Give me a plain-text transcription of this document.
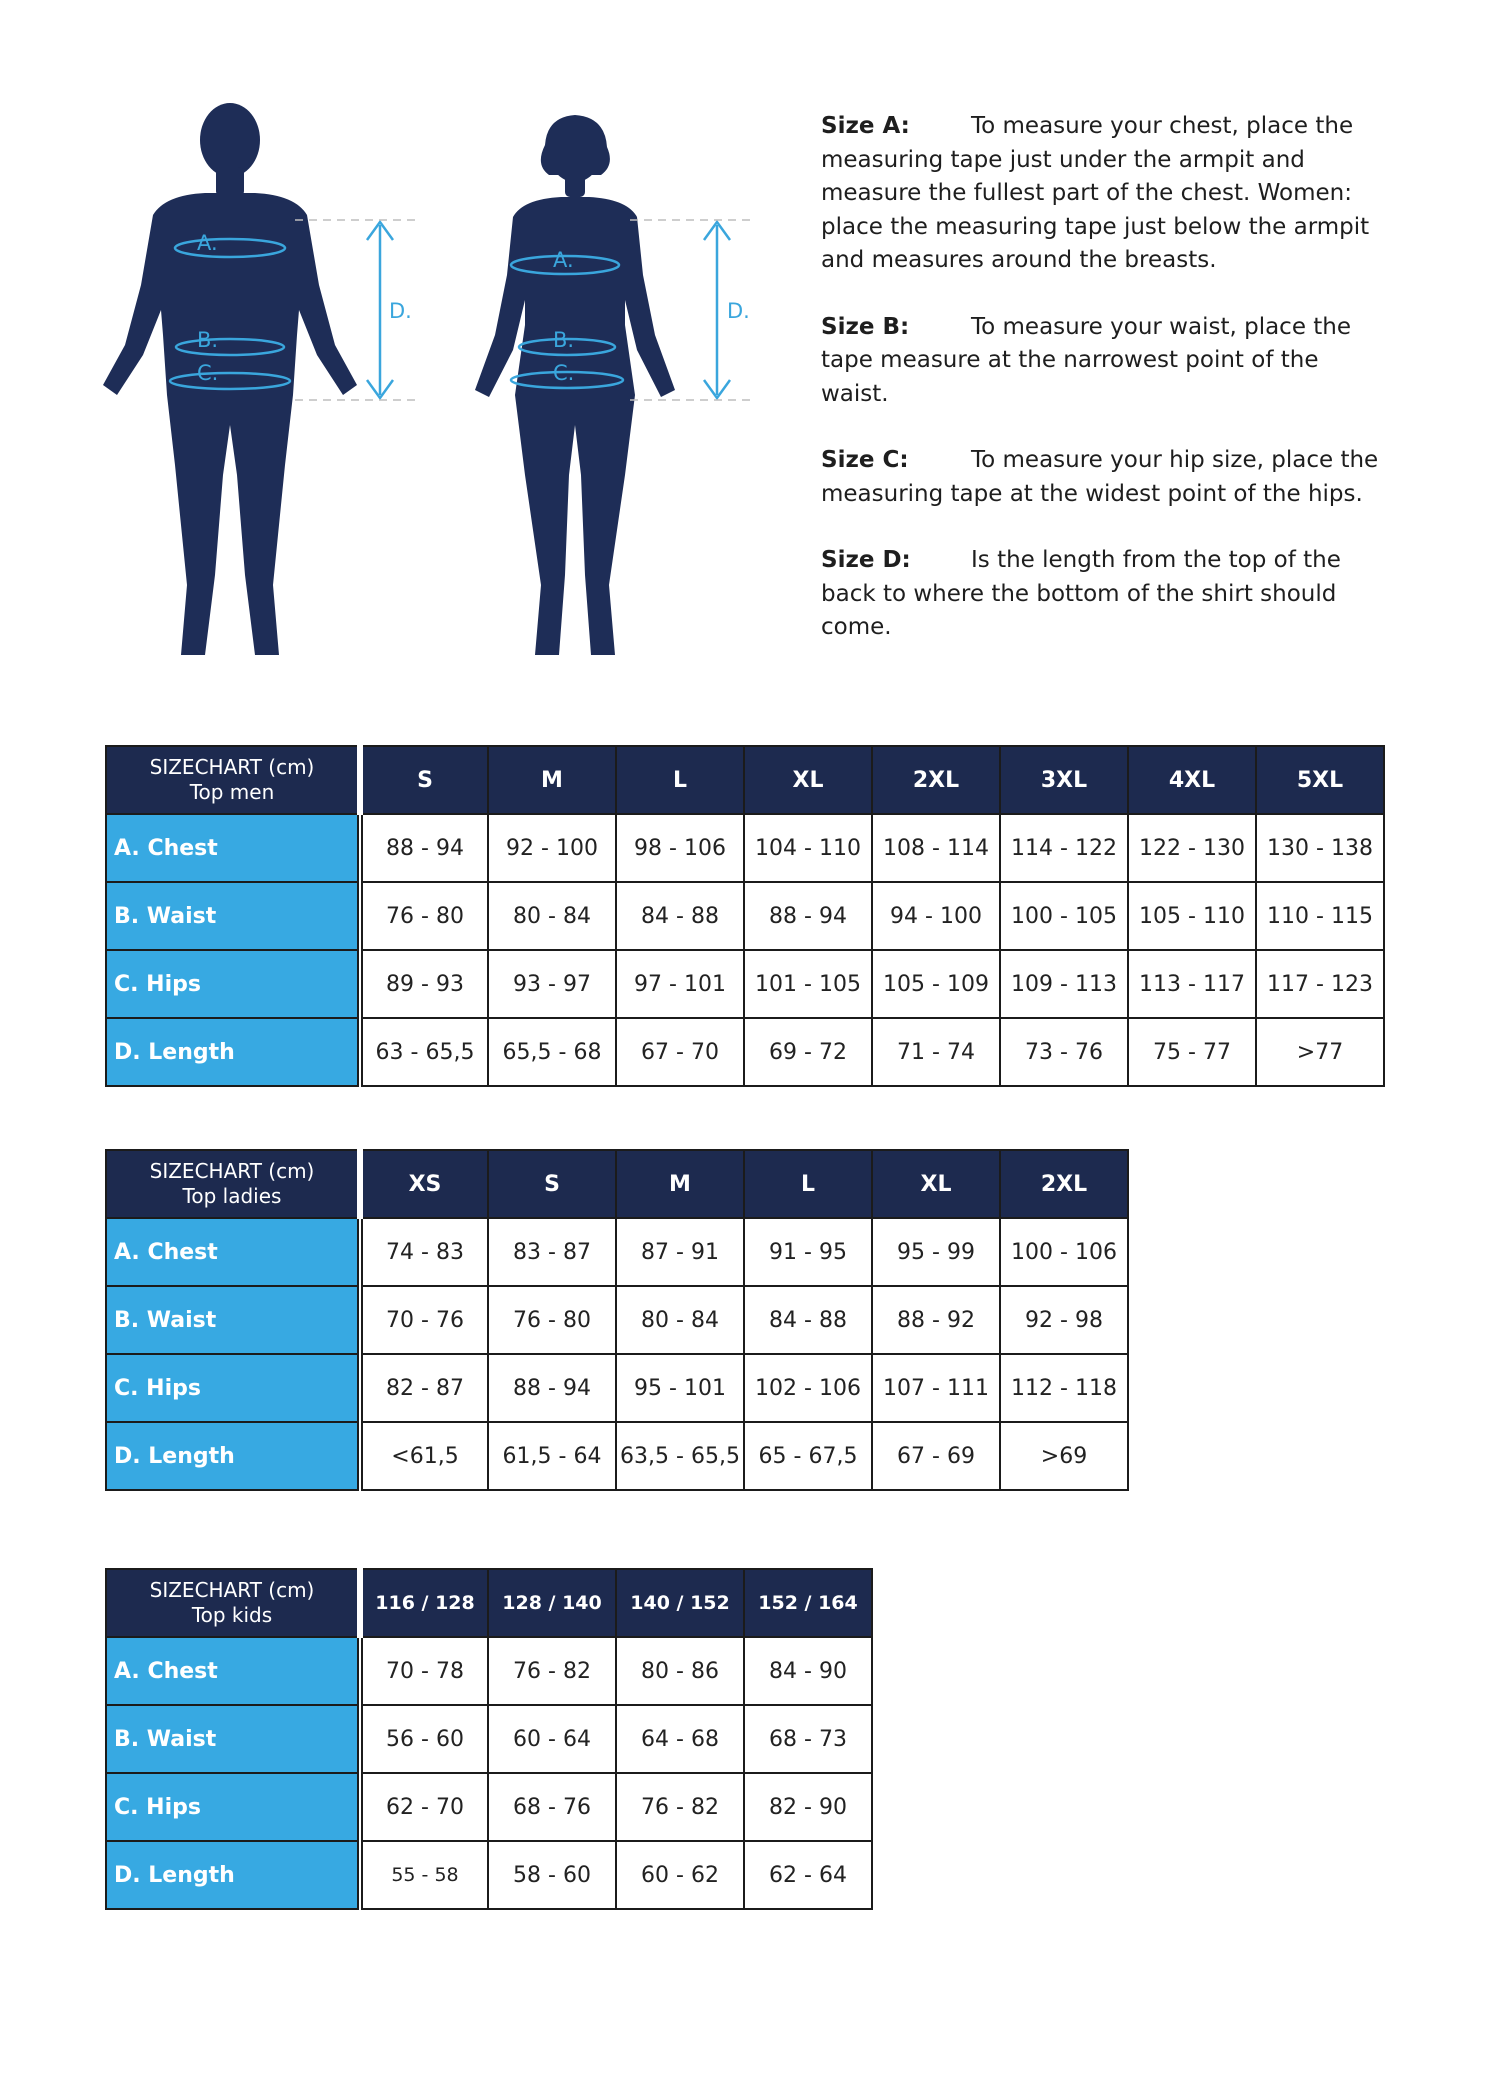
A.
B.
C.
D.
A.
B.
C.
D.

Size A:	To measure your chest, place the measuring tape just under the armpit and measure the fullest part of the chest. Women: place the measuring tape just below the armpit and measures around the breasts.

Size B:	To measure your waist, place the tape measure at the narrowest point of the waist.

Size C:	To measure your hip size, place the measuring tape at the widest point of the hips.

Size D:	Is the length from the top of the back to where the bottom of the shirt should come.

SIZECHART (cm)
Top men	S	M	L	XL	2XL	3XL	4XL	5XL
A. Chest	88 - 94	92 - 100	98 - 106	104 - 110	108 - 114	114 - 122	122 - 130	130 - 138
B. Waist	76 - 80	80 - 84	84 - 88	88 - 94	94 - 100	100 - 105	105 - 110	110 - 115
C. Hips	89 - 93	93 - 97	97 - 101	101 - 105	105 - 109	109 - 113	113 - 117	117 - 123
D. Length	63 - 65,5	65,5 - 68	67 - 70	69 - 72	71 - 74	73 - 76	75 - 77	>77
SIZECHART (cm)
Top ladies	XS	S	M	L	XL	2XL
A. Chest	74 - 83	83 - 87	87 - 91	91 - 95	95 - 99	100 - 106
B. Waist	70 - 76	76 - 80	80 - 84	84 - 88	88 - 92	92 - 98
C. Hips	82 - 87	88 - 94	95 - 101	102 - 106	107 - 111	112 - 118
D. Length	<61,5	61,5 - 64	63,5 - 65,5	65 - 67,5	67 - 69	>69
SIZECHART (cm)
Top kids	116 / 128	128 / 140	140 / 152	152 / 164
A. Chest	70 - 78	76 - 82	80 - 86	84 - 90
B. Waist	56 - 60	60 - 64	64 - 68	68 - 73
C. Hips	62 - 70	68 - 76	76 - 82	82 - 90
D. Length	55 - 58	58 - 60	60 - 62	62 - 64
